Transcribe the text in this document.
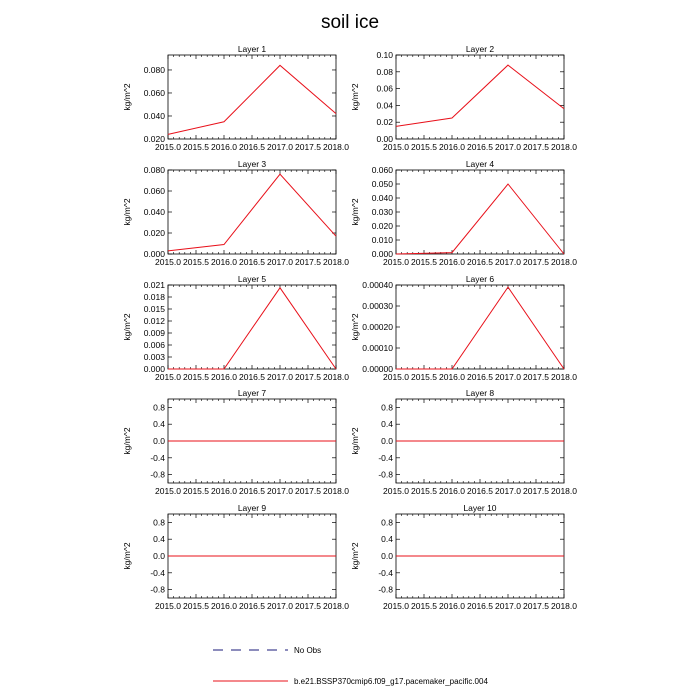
soil ice
Layer 1
2015.0 2015.5 2016.0 2016.5 2017.0 2017.5 2018.0
0.020
0.040
0.060
0.080
kg/m^2
Layer 2
2015.0 2015.5 2016.0 2016.5 2017.0 2017.5 2018.0
0.00
0.02
0.04
0.06
0.08
0.10
kg/m^2
Layer 3
2015.0 2015.5 2016.0 2016.5 2017.0 2017.5 2018.0
0.000
0.020
0.040
0.060
0.080
kg/m^2
Layer 4
2015.0 2015.5 2016.0 2016.5 2017.0 2017.5 2018.0
0.000
0.010
0.020
0.030
0.040
0.050
0.060
kg/m^2
Layer 5
2015.0 2015.5 2016.0 2016.5 2017.0 2017.5 2018.0
0.000
0.003
0.006
0.009
0.012
0.015
0.018
0.021
kg/m^2
Layer 6
2015.0 2015.5 2016.0 2016.5 2017.0 2017.5 2018.0
0.00000
0.00010
0.00020
0.00030
0.00040
kg/m^2
Layer 7
2015.0 2015.5 2016.0 2016.5 2017.0 2017.5 2018.0
-0.8
-0.4
0.0
0.4
0.8
kg/m^2
Layer 8
2015.0 2015.5 2016.0 2016.5 2017.0 2017.5 2018.0
-0.8
-0.4
0.0
0.4
0.8
kg/m^2
Layer 9
2015.0 2015.5 2016.0 2016.5 2017.0 2017.5 2018.0
-0.8
-0.4
0.0
0.4
0.8
kg/m^2
Layer 10
2015.0 2015.5 2016.0 2016.5 2017.0 2017.5 2018.0
-0.8
-0.4
0.0
0.4
0.8
kg/m^2
No Obs
b.e21.BSSP370cmip6.f09_g17.pacemaker_pacific.004
